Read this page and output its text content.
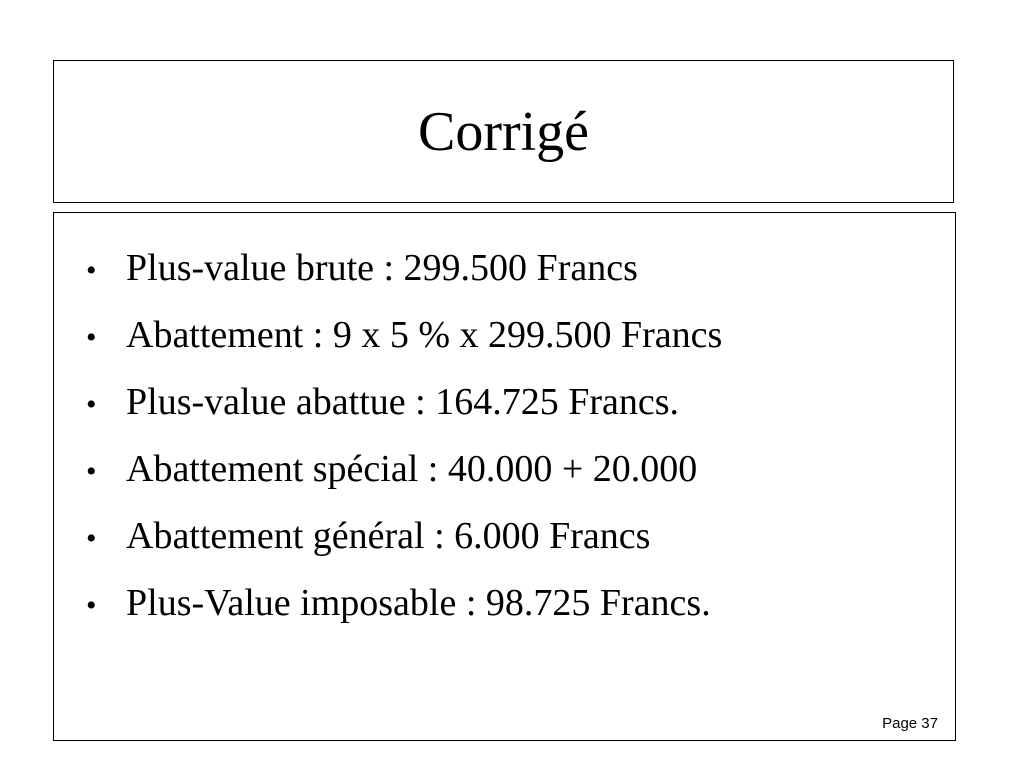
Corrigé
• Plus-value brute : 299.500 Francs
• Abattement : 9 x 5 % x 299.500 Francs
• Plus-value abattue : 164.725 Francs.
• Abattement spécial : 40.000 + 20.000
• Abattement général : 6.000 Francs
• Plus-Value imposable : 98.725 Francs.
Page 37
